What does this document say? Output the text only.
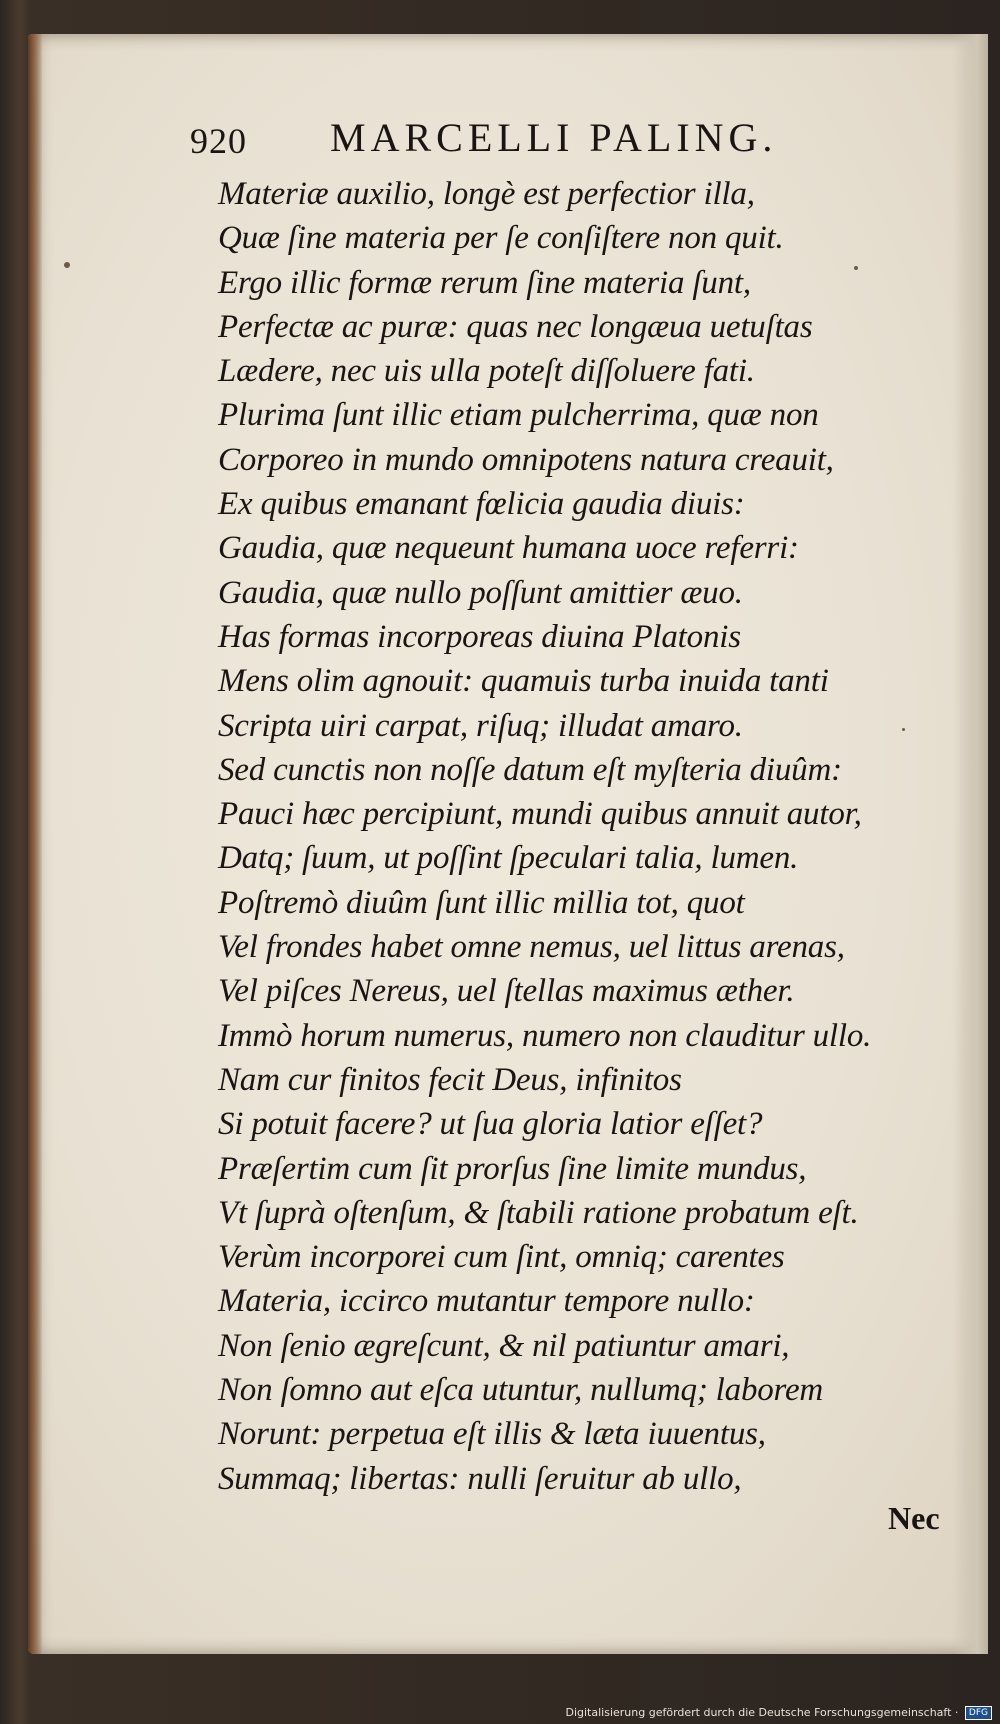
920 MARCELLI PALING.
Materiæ auxilio, longè est perfectior illa,
Quæ ſine materia per ſe conſiſtere non quit.
Ergo illic formæ rerum ſine materia ſunt,
Perfectæ ac puræ: quas nec longæua uetuſtas
Lædere, nec uis ulla poteſt diſſoluere fati.
Plurima ſunt illic etiam pulcherrima, quæ non
Corporeo in mundo omnipotens natura creauit,
Ex quibus emanant fœlicia gaudia diuis:
Gaudia, quæ nequeunt humana uoce referri:
Gaudia, quæ nullo poſſunt amittier æuo.
Has formas incorporeas diuina Platonis
Mens olim agnouit: quamuis turba inuida tanti
Scripta uiri carpat, riſuq; illudat amaro.
Sed cunctis non noſſe datum eſt myſteria diuûm:
Pauci hæc percipiunt, mundi quibus annuit autor,
Datq; ſuum, ut poſſint ſpeculari talia, lumen.
Poſtremò diuûm ſunt illic millia tot, quot
Vel frondes habet omne nemus, uel littus arenas,
Vel piſces Nereus, uel ſtellas maximus æther.
Immò horum numerus, numero non clauditur ullo.
Nam cur finitos fecit Deus, infinitos
Si potuit facere? ut ſua gloria latior eſſet?
Præſertim cum ſit prorſus ſine limite mundus,
Vt ſuprà oſtenſum, & ſtabili ratione probatum eſt.
Verùm incorporei cum ſint, omniq; carentes
Materia, iccirco mutantur tempore nullo:
Non ſenio ægreſcunt, & nil patiuntur amari,
Non ſomno aut eſca utuntur, nullumq; laborem
Norunt: perpetua eſt illis & læta iuuentus,
Summaq; libertas: nulli ſeruitur ab ullo,
Nec
Digitalisierung gefördert durch die Deutsche Forschungsgemeinschaft · DFG
